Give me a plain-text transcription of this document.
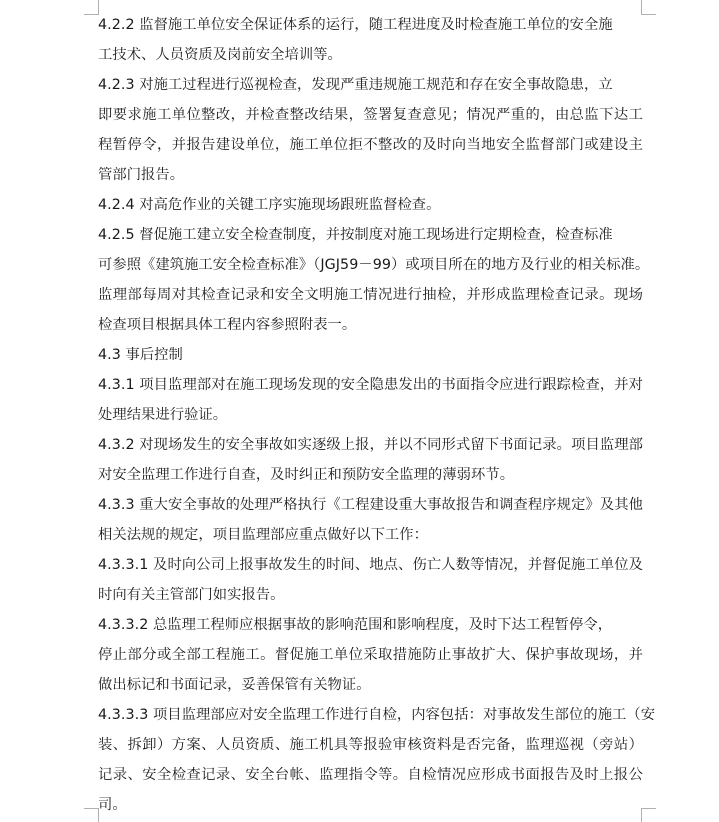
4.2.2 监督施工单位安全保证体系的运行，随工程进度及时检查施工单位的安全施
工技术、人员资质及岗前安全培训等。
4.2.3 对施工过程进行巡视检查，发现严重违规施工规范和存在安全事故隐患，立
即要求施工单位整改，并检查整改结果，签署复查意见；情况严重的，由总监下达工
程暂停令，并报告建设单位，施工单位拒不整改的及时向当地安全监督部门或建设主
管部门报告。
4.2.4 对高危作业的关键工序实施现场跟班监督检查。
4.2.5 督促施工建立安全检查制度，并按制度对施工现场进行定期检查，检查标准
可参照《建筑施工安全检查标准》（JGJ59－99）或项目所在的地方及行业的相关标准。
监理部每周对其检查记录和安全文明施工情况进行抽检，并形成监理检查记录。现场
检查项目根据具体工程内容参照附表一。
4.3 事后控制
4.3.1 项目监理部对在施工现场发现的安全隐患发出的书面指令应进行跟踪检查，并对
处理结果进行验证。
4.3.2 对现场发生的安全事故如实逐级上报，并以不同形式留下书面记录。项目监理部
对安全监理工作进行自查，及时纠正和预防安全监理的薄弱环节。
4.3.3 重大安全事故的处理严格执行《工程建设重大事故报告和调查程序规定》及其他
相关法规的规定，项目监理部应重点做好以下工作：
4.3.3.1 及时向公司上报事故发生的时间、地点、伤亡人数等情况，并督促施工单位及
时向有关主管部门如实报告。
4.3.3.2 总监理工程师应根据事故的影响范围和影响程度，及时下达工程暂停令，
停止部分或全部工程施工。督促施工单位采取措施防止事故扩大、保护事故现场，并
做出标记和书面记录，妥善保管有关物证。
4.3.3.3 项目监理部应对安全监理工作进行自检，内容包括：对事故发生部位的施工（安
装、拆卸）方案、人员资质、施工机具等报验审核资料是否完备，监理巡视（旁站）
记录、安全检查记录、安全台帐、监理指令等。自检情况应形成书面报告及时上报公
司。
